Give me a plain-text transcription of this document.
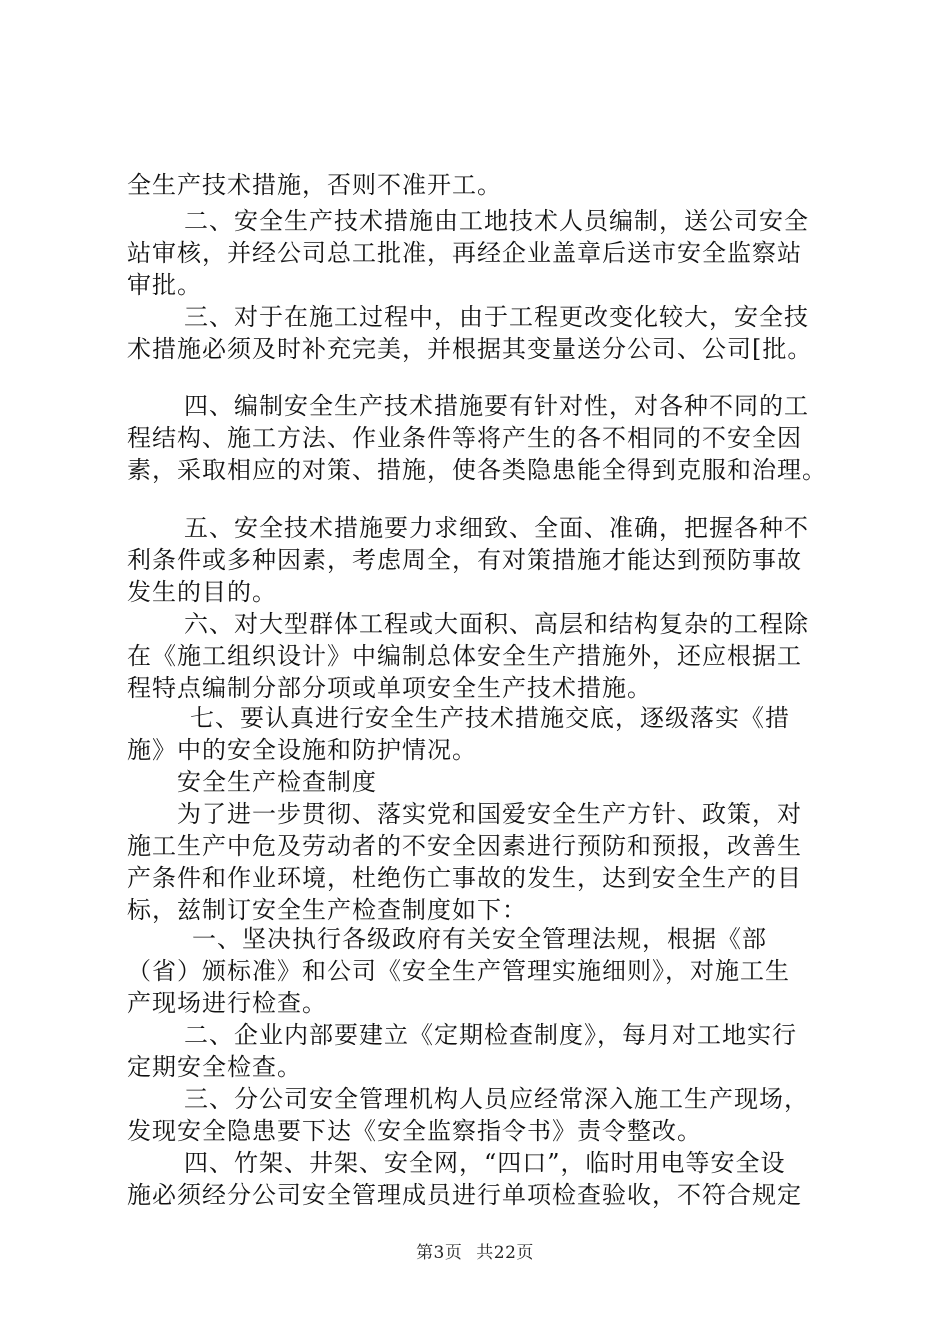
全生产技术措施，否则不准开工。
二、安全生产技术措施由工地技术人员编制，送公司安全
站审核，并经公司总工批准，再经企业盖章后送市安全监察站
审批。
三、对于在施工过程中，由于工程更改变化较大，安全技
术措施必须及时补充完美，并根据其变量送分公司、公司[批。
四、编制安全生产技术措施要有针对性，对各种不同的工
程结构、施工方法、作业条件等将产生的各不相同的不安全因
素，采取相应的对策、措施，使各类隐患能全得到克服和治理。
五、安全技术措施要力求细致、全面、准确，把握各种不
利条件或多种因素，考虑周全，有对策措施才能达到预防事故
发生的目的。
六、对大型群体工程或大面积、高层和结构复杂的工程除
在《施工组织设计》中编制总体安全生产措施外，还应根据工
程特点编制分部分项或单项安全生产技术措施。
七、要认真进行安全生产技术措施交底，逐级落实《措
施》中的安全设施和防护情况。
安全生产检查制度
为了进一步贯彻、落实党和国爱安全生产方针、政策，对
施工生产中危及劳动者的不安全因素进行预防和预报，改善生
产条件和作业环境，杜绝伤亡事故的发生，达到安全生产的目
标，兹制订安全生产检查制度如下：
一、坚决执行各级政府有关安全管理法规，根据《部
（省）颁标准》和公司《安全生产管理实施细则》，对施工生
产现场进行检查。
二、企业内部要建立《定期检查制度》，每月对工地实行
定期安全检查。
三、分公司安全管理机构人员应经常深入施工生产现场，
发现安全隐患要下达《安全监察指令书》责令整改。
四、竹架、井架、安全网，“四口”，临时用电等安全设
施必须经分公司安全管理成员进行单项检查验收，不符合规定
第3页 共22页
